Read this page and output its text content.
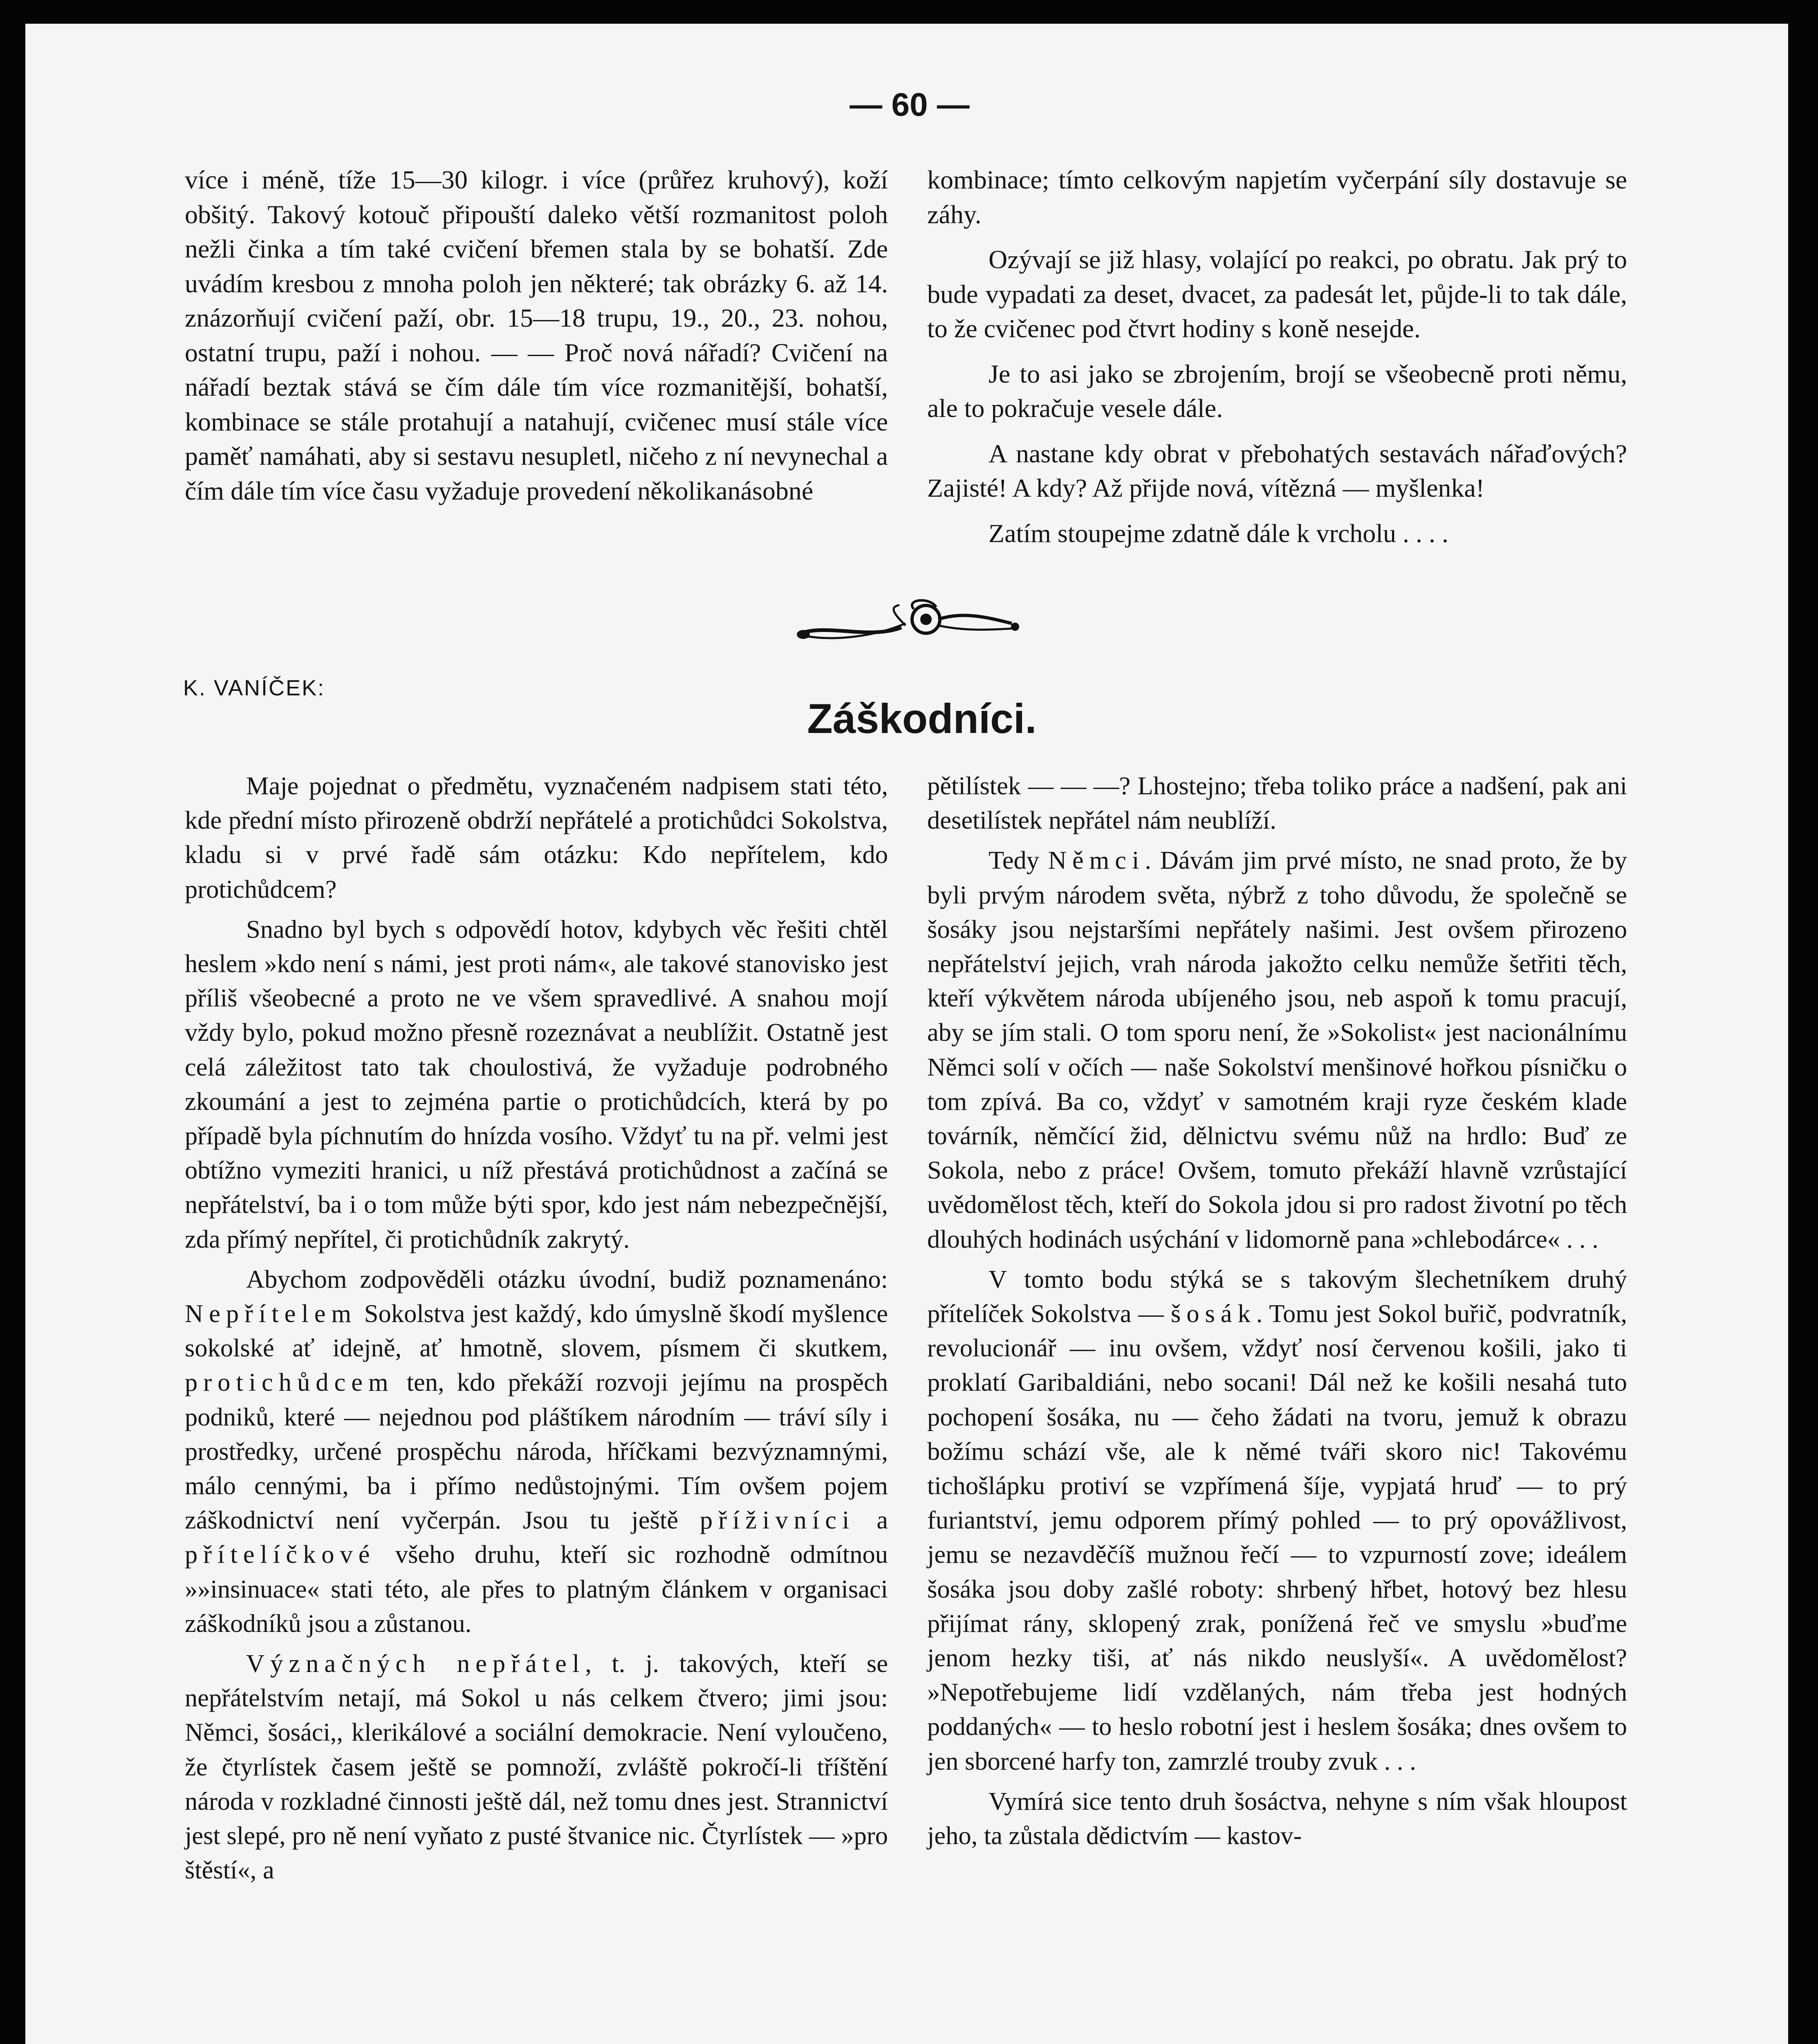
— 60 —

více i méně, tíže 15—30 kilogr. i více (průřez kruhový), koží obšitý. Takový kotouč připouští daleko větší rozmanitost poloh nežli činka a tím také cvičení břemen stala by se bohatší. Zde uvádím kresbou z mnoha poloh jen některé; tak obrázky 6. až 14. znázorňují cvičení paží, obr. 15—18 trupu, 19., 20., 23. nohou, ostatní trupu, paží i nohou. — — Proč nová nářadí? Cvičení na nářadí beztak stává se čím dále tím více rozmanitější, bohatší, kombinace se stále protahují a natahují, cvičenec musí stále více paměť namáhati, aby si sestavu nesupletl, ničeho z ní nevynechal a čím dále tím více času vyžaduje provedení několikanásobné

kombinace; tímto celkovým napjetím vyčerpání síly dostavuje se záhy.

Ozývají se již hlasy, volající po reakci, po obratu. Jak prý to bude vypadati za deset, dvacet, za padesát let, půjde-li to tak dále, to že cvičenec pod čtvrt hodiny s koně nesejde.

Je to asi jako se zbrojením, brojí se všeobecně proti němu, ale to pokračuje vesele dále.

A nastane kdy obrat v přebohatých sestavách nářaďových? Zajisté! A kdy? Až přijde nová, vítězná — myšlenka!

Zatím stoupejme zdatně dále k vrcholu . . . .

K. VANÍČEK:
Záškodníci.

Maje pojednat o předmětu, vyznačeném nadpisem stati této, kde přední místo přirozeně obdrží nepřátelé a protichůdci Sokolstva, kladu si v prvé řadě sám otázku: Kdo nepřítelem, kdo protichůdcem?

Snadno byl bych s odpovědí hotov, kdybych věc řešiti chtěl heslem »kdo není s námi, jest proti nám«, ale takové stanovisko jest příliš všeobecné a proto ne ve všem spravedlivé. A snahou mojí vždy bylo, pokud možno přesně rozeznávat a neublížit. Ostatně jest celá záležitost tato tak choulostivá, že vyžaduje podrobného zkoumání a jest to zejména partie o protichůdcích, která by po případě byla píchnutím do hnízda vosího. Vždyť tu na př. velmi jest obtížno vymeziti hranici, u níž přestává protichůdnost a začíná se nepřátelství, ba i o tom může býti spor, kdo jest nám nebezpečnější, zda přímý nepřítel, či protichůdník zakrytý.

Abychom zodpověděli otázku úvodní, budiž poznamenáno: Nepřítelem Sokolstva jest každý, kdo úmyslně škodí myšlence sokolské ať idejně, ať hmotně, slovem, písmem či skutkem, protichůdcem ten, kdo překáží rozvoji jejímu na prospěch podniků, které — nejednou pod pláštíkem národním — tráví síly i prostředky, určené prospěchu národa, hříčkami bezvýznamnými, málo cennými, ba i přímo nedůstojnými. Tím ovšem pojem záškodnictví není vyčerpán. Jsou tu ještě příživníci a přítelíčkové všeho druhu, kteří sic rozhodně odmítnou »»insinuace« stati této, ale přes to platným článkem v organisaci záškodníků jsou a zůstanou.

Význačných nepřátel, t. j. takových, kteří se nepřátelstvím netají, má Sokol u nás celkem čtvero; jimi jsou: Němci, šosáci,, klerikálové a sociální demokracie. Není vyloučeno, že čtyrlístek časem ještě se pomnoží, zvláště pokročí-li tříštění národa v rozkladné činnosti ještě dál, než tomu dnes jest. Strannictví jest slepé, pro ně není vyňato z pusté štvanice nic. Čtyrlístek — »pro štěstí«, a

pětilístek — — —? Lhostejno; třeba toliko práce a nadšení, pak ani desetilístek nepřátel nám neublíží.

Tedy Němci. Dávám jim prvé místo, ne snad proto, že by byli prvým národem světa, nýbrž z toho důvodu, že společně se šosáky jsou nejstaršími nepřátely našimi. Jest ovšem přirozeno nepřátelství jejich, vrah národa jakožto celku nemůže šetřiti těch, kteří výkvětem národa ubíjeného jsou, neb aspoň k tomu pracují, aby se jím stali. O tom sporu není, že »Sokolist« jest nacionálnímu Němci solí v očích — naše Sokolství menšinové hořkou písničku o tom zpívá. Ba co, vždyť v samotném kraji ryze českém klade továrník, němčící žid, dělnictvu svému nůž na hrdlo: Buď ze Sokola, nebo z práce! Ovšem, tomuto překáží hlavně vzrůstající uvědomělost těch, kteří do Sokola jdou si pro radost životní po těch dlouhých hodinách usýchání v lidomorně pana »chlebodárce« . . .

V tomto bodu stýká se s takovým šlechetníkem druhý přítelíček Sokolstva — šosák. Tomu jest Sokol buřič, podvratník, revolucionář — inu ovšem, vždyť nosí červenou košili, jako ti proklatí Garibaldiáni, nebo socani! Dál než ke košili nesahá tuto pochopení šosáka, nu — čeho žádati na tvoru, jemuž k obrazu božímu schází vše, ale k němé tváři skoro nic! Takovému tichošlápku protiví se vzpřímená šíje, vypjatá hruď — to prý furiantství, jemu odporem přímý pohled — to prý opovážlivost, jemu se nezavděčíš mužnou řečí — to vzpurností zove; ideálem šosáka jsou doby zašlé roboty: shrbený hřbet, hotový bez hlesu přijímat rány, sklopený zrak, ponížená řeč ve smyslu »buďme jenom hezky tiši, ať nás nikdo neuslyší«. A uvědomělost? »Nepotřebujeme lidí vzdělaných, nám třeba jest hodných poddaných« — to heslo robotní jest i heslem šosáka; dnes ovšem to jen sborcené harfy ton, zamrzlé trouby zvuk . . .

Vymírá sice tento druh šosáctva, nehyne s ním však hloupost jeho, ta zůstala dědictvím — kastov-
